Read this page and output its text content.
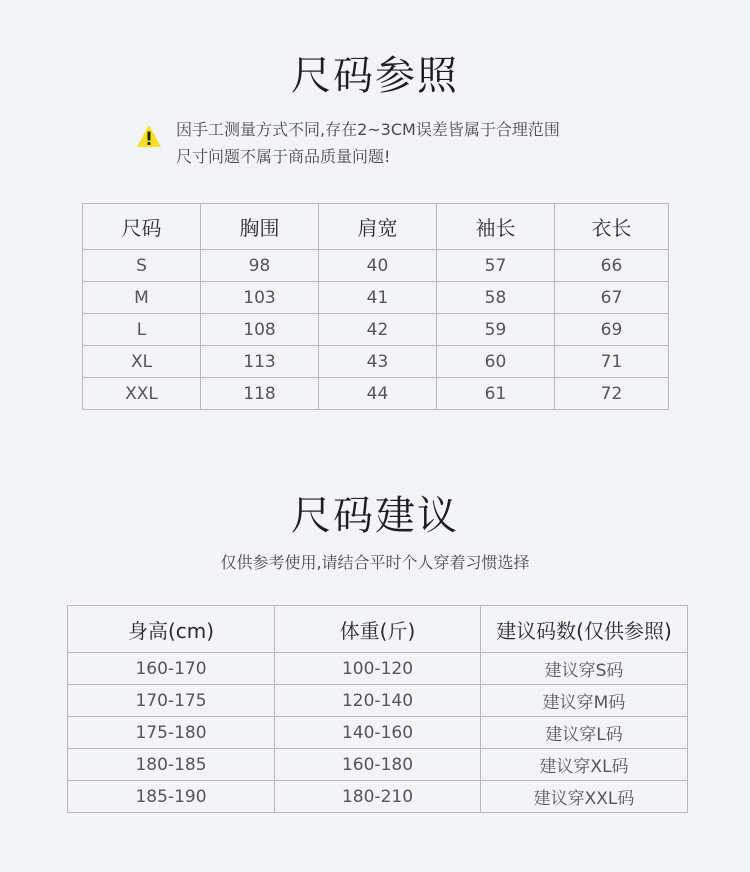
尺码参照
因手工测量方式不同,存在2~3CM误差皆属于合理范围
尺寸问题不属于商品质量问题!
尺码	胸围	肩宽	袖长	衣长
S	98	40	57	66
M	103	41	58	67
L	108	42	59	69
XL	113	43	60	71
XXL	118	44	61	72
尺码建议
仅供参考使用,请结合平时个人穿着习惯选择
身高(cm)	体重(斤)	建议码数(仅供参照)
160-170	100-120	建议穿S码
170-175	120-140	建议穿M码
175-180	140-160	建议穿L码
180-185	160-180	建议穿XL码
185-190	180-210	建议穿XXL码
